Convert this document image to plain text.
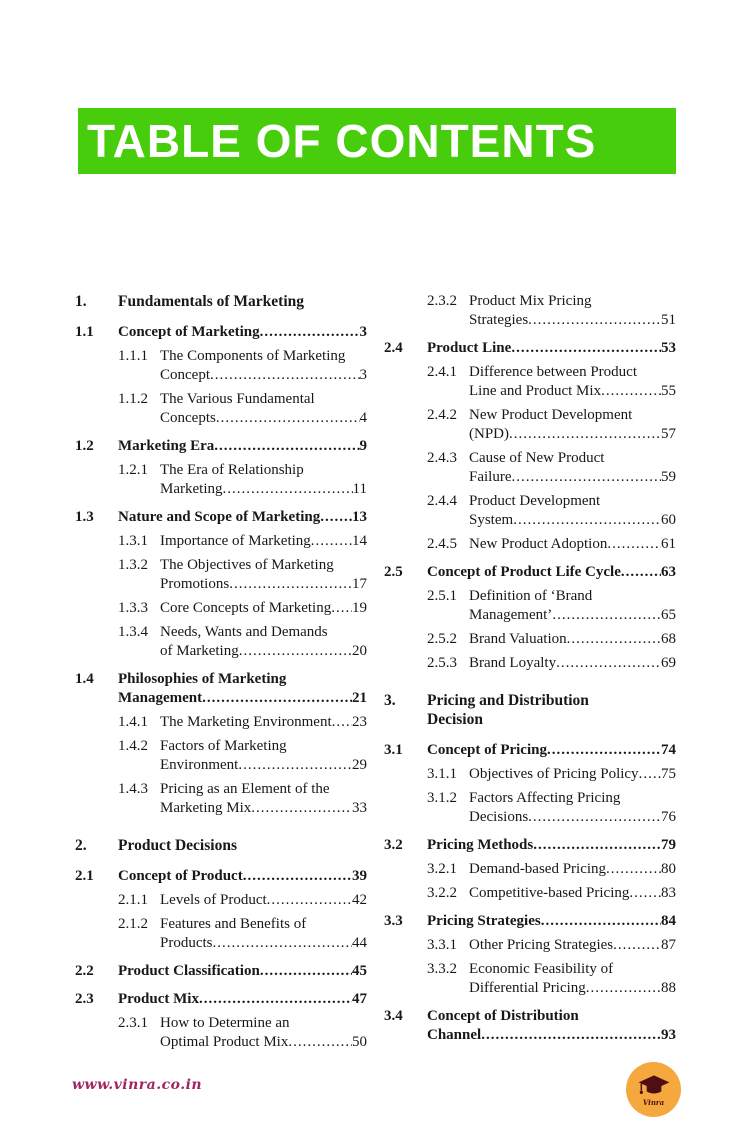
TABLE OF CONTENTS
1.	Fundamentals of Marketing
1.1	Concept of Marketing .....	3
1.1.1 The Components of Marketing
Concept .....	3
1.1.2 The Various Fundamental
Concepts .....	4
1.2	Marketing Era .....	9
1.2.1 The Era of Relationship
Marketing .....	11
1.3	Nature and Scope of Marketing ..... 13
1.3.1 Importance of Marketing .....	14
1.3.2 The Objectives of Marketing
Promotions .....	17
1.3.3 Core Concepts of Marketing ..... 19
1.3.4 Needs, Wants and Demands
of Marketing .....	20
1.4	Philosophies of Marketing
Management .....	21
1.4.1 The Marketing Environment ..... 23
1.4.2 Factors of Marketing
Environment .....	29
1.4.3 Pricing as an Element of the
Marketing Mix .....	33
2.	Product Decisions
2.1	Concept of Product .....	39
2.1.1 Levels of Product .....	42
2.1.2 Features and Benefits of
Products .....	44
2.2	Product Classification .....	45
2.3	Product Mix .....	47
2.3.1 How to Determine an
Optimal Product Mix .....	50
2.3.2 Product Mix Pricing
Strategies .....	51
2.4	Product Line .....	53
2.4.1 Difference between Product
Line and Product Mix .....	55
2.4.2 New Product Development
(NPD) .....	57
2.4.3 Cause of New Product
Failure .....	59
2.4.4 Product Development
System .....	60
2.4.5 New Product Adoption .....	61
2.5	Concept of Product Life Cycle .....	63
2.5.1 Definition of ‘Brand
Management’ .....	65
2.5.2 Brand Valuation .....	68
2.5.3 Brand Loyalty .....	69
3.	Pricing and Distribution
Decision
3.1	Concept of Pricing .....	74
3.1.1 Objectives of Pricing Policy ..... 75
3.1.2 Factors Affecting Pricing
Decisions .....	76
3.2	Pricing Methods .....	79
3.2.1 Demand-based Pricing .....	80
3.2.2 Competitive-based Pricing ..... 83
3.3	Pricing Strategies .....	84
3.3.1 Other Pricing Strategies .....	87
3.3.2 Economic Feasibility of
Differential Pricing .....	88
3.4	Concept of Distribution
Channel .....	93
www.vinra.co.in
Vinra
